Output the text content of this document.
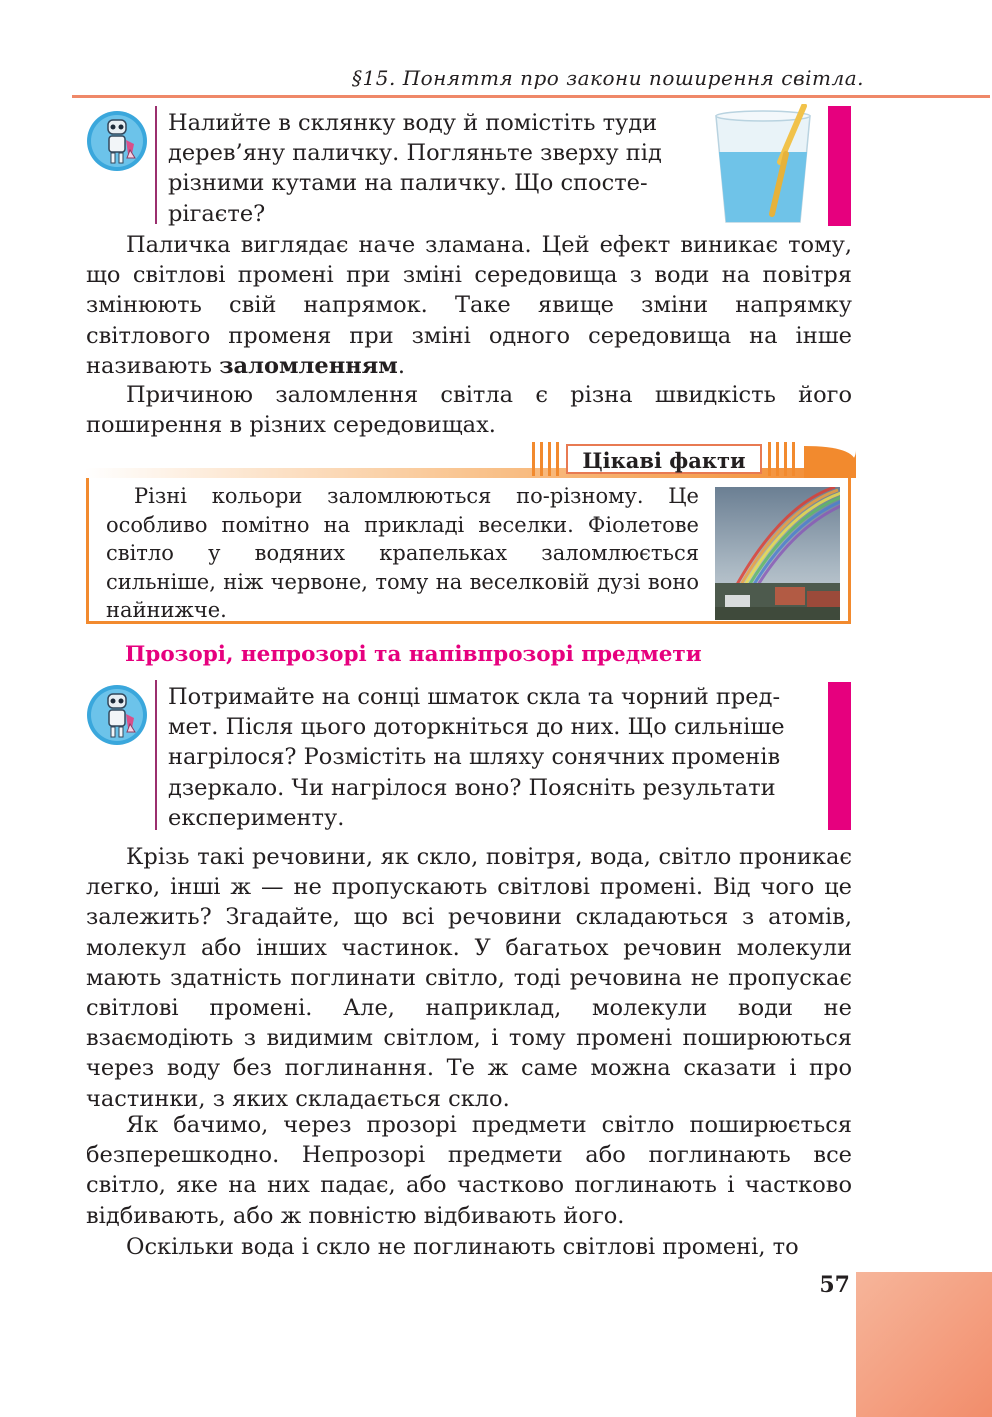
§15. Поняття про закони поширення світла.

Налийте в склянку воду й помістіть туди
дерев’яну паличку. Погляньте зверху під
різними кутами на паличку. Що спосте-
рігаєте?

Паличка виглядає наче зламана. Цей ефект виникає тому, що світлові промені при зміні середовища з води на повітря змінюють свій напрямок. Таке явище зміни напрямку світлового променя при зміні одного середовища на інше називають заломленням.

Причиною заломлення світла є різна швидкість його поширення в різних середовищах.

Цікаві факти

Різні кольори заломлюються по-різному. Це особливо помітно на прикладі веселки. Фіолетове світло у водяних крапельках заломлюється сильніше, ніж червоне, тому на веселковій дузі воно найнижче.

Прозорі, непрозорі та напівпрозорі предмети

Потримайте на сонці шматок скла та чорний пред-
мет. Після цього доторкніться до них. Що сильніше
нагрілося? Розмістіть на шляху сонячних променів
дзеркало. Чи нагрілося воно? Поясніть результати
експерименту.

Крізь такі речовини, як скло, повітря, вода, світло проникає легко, інші ж — не пропускають світлові промені. Від чого це залежить? Згадайте, що всі речовини складаються з атомів, молекул або інших частинок. У багатьох речовин молекули мають здатність поглинати світло, тоді речовина не пропускає світлові промені. Але, наприклад, молекули води не взаємодіють з видимим світлом, і тому промені поширюються через воду без поглинання. Те ж саме можна сказати і про частинки, з яких складається скло.

Як бачимо, через прозорі предмети світло поширюється безперешкодно. Непрозорі предмети або поглинають все світло, яке на них падає, або частково поглинають і частково відбивають, або ж повністю відбивають його.

Оскільки вода і скло не поглинають світлові промені, то

57
